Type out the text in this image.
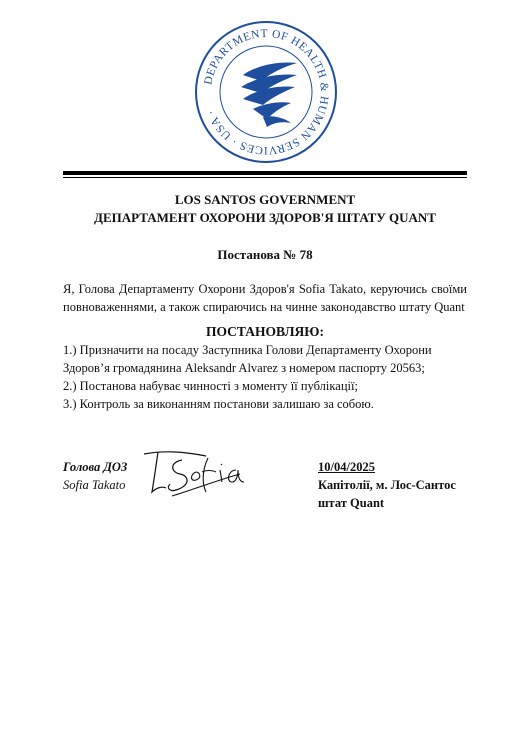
DEPARTMENT OF HEALTH & HUMAN SERVICES · USA ·
LOS SANTOS GOVERNMENT
ДЕПАРТАМЕНТ ОХОРОНИ ЗДОРОВ'Я ШТАТУ QUANT
Постанова № 78
Я, Голова Департаменту Охорони Здоров'я Sofia Takato, керуючись своїми повноваженнями, а також спираючись на чинне законодавство штату Quant
ПОСТАНОВЛЯЮ:
1.) Призначити на посаду Заступника Голови Департаменту Охорони Здоров’я громадянина Aleksandr Alvarez з номером паспорту 20563;
2.) Постанова набуває чинності з моменту її публікації;
3.) Контроль за виконанням постанови залишаю за собою.
Голова ДОЗ
Sofia Takato
10/04/2025
Капітолії, м. Лос-Сантос
штат Quant
